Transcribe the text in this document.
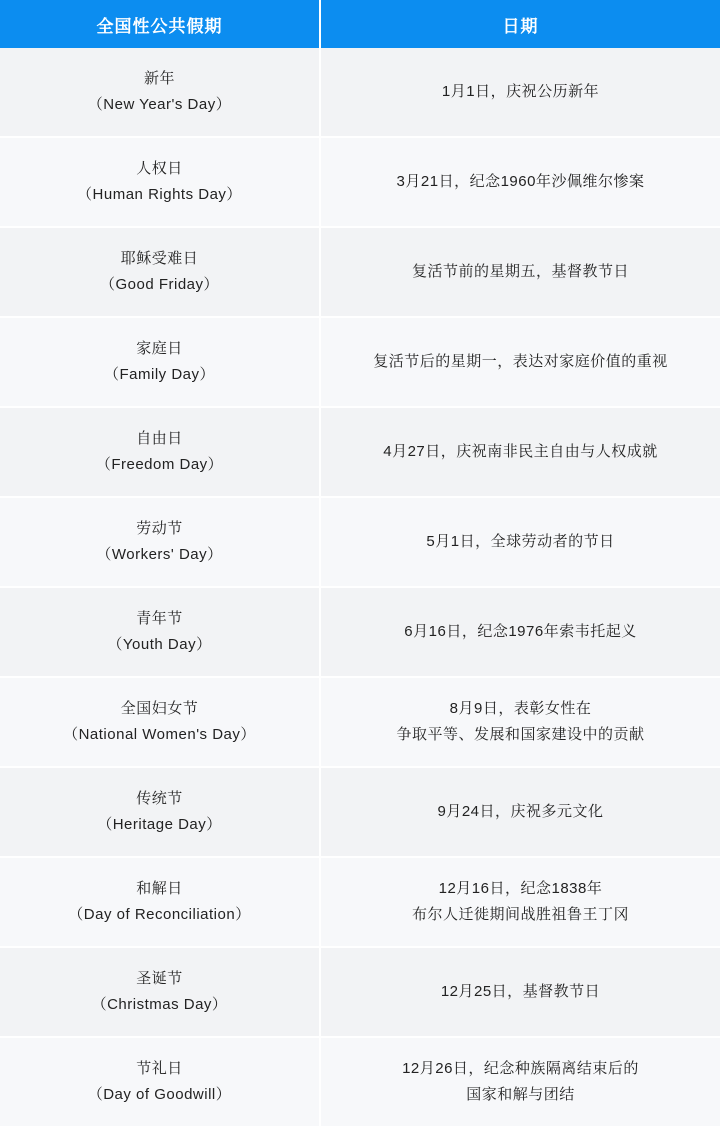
全国性公共假期	日期

新年
（New Year's Day）	1月1日，庆祝公历新年

人权日
（Human Rights Day）	3月21日，纪念1960年沙佩维尔惨案

耶稣受难日
（Good Friday）	复活节前的星期五，基督教节日

家庭日
（Family Day）	复活节后的星期一，表达对家庭价值的重视

自由日
（Freedom Day）	4月27日，庆祝南非民主自由与人权成就

劳动节
（Workers' Day）	5月1日，全球劳动者的节日

青年节
（Youth Day）	6月16日，纪念1976年索韦托起义

全国妇女节
（National Women's Day）	8月9日，表彰女性在
争取平等、发展和国家建设中的贡献

传统节
（Heritage Day）	9月24日，庆祝多元文化

和解日
（Day of Reconciliation）	12月16日，纪念1838年
布尔人迁徙期间战胜祖鲁王丁冈

圣诞节
（Christmas Day）	12月25日，基督教节日

节礼日
（Day of Goodwill）	12月26日，纪念种族隔离结束后的
国家和解与团结
